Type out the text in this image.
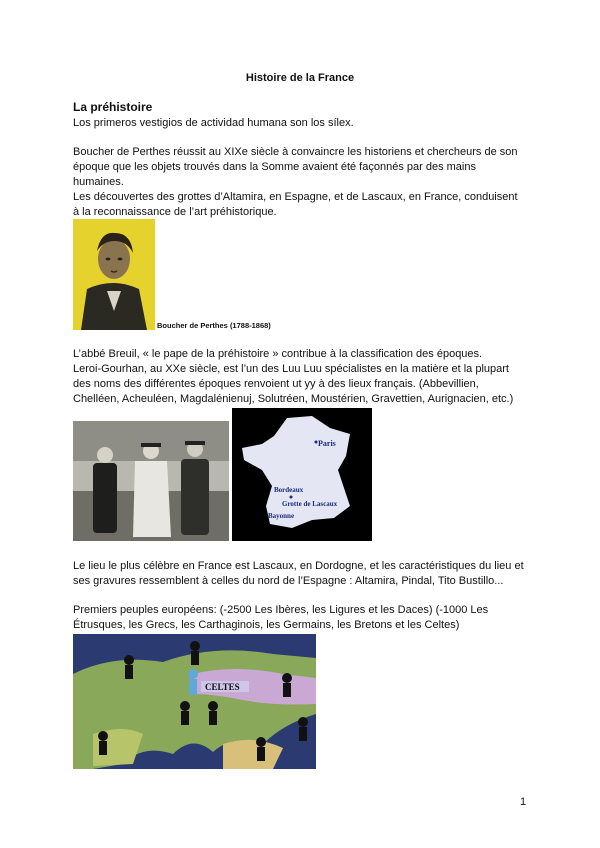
Histoire de la France
La préhistoire
Los primeros vestigios de actividad humana son los sílex.
Boucher de Perthes réussit au XIXe siècle à convaincre les historiens et chercheurs de son
époque que les objets trouvés dans la Somme avaient été façonnés par des mains
humaines.
Les découvertes des grottes d’Altamira, en Espagne, et de Lascaux, en France, conduisent
à la reconnaissance de l’art préhistorique.
Boucher de Perthes (1788-1868)
L’abbé Breuil, « le pape de la préhistoire » contribue à la classification des époques.
Leroi-Gourhan, au XXe siècle, est l’un des Luu Luu spécialistes en la matière et la plupart
des noms des différentes époques renvoient ut yy à des lieux français. (Abbevillien,
Chelléen, Acheuléen, Magdalénienuj, Solutréen, Moustérien, Gravettien, Aurignacien, etc.)
Paris
Bordeaux
Grotte de Lascaux
Bayonne
Le lieu le plus célèbre en France est Lascaux, en Dordogne, et les caractéristiques du lieu et
ses gravures ressemblent à celles du nord de l’Espagne : Altamira, Pindal, Tito Bustillo...
Premiers peuples européens: (-2500 Les Ibères, les Ligures et les Daces) (-1000 Les
Étrusques, les Grecs, les Carthaginois, les Germains, les Bretons et les Celtes)
CELTES
1
